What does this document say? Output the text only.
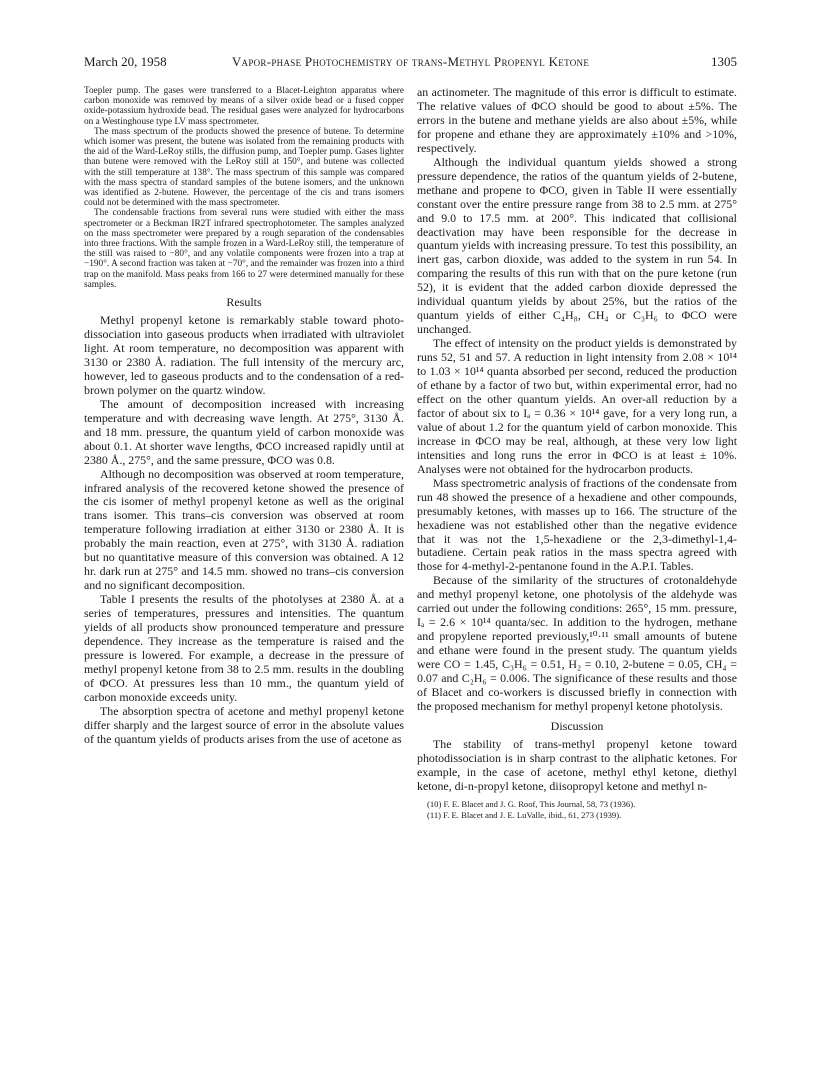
March 20, 1958	Vapor-phase Photochemistry of trans-Methyl Propenyl Ketone	1305

Toepler pump. The gases were transferred to a Blacet-Leighton apparatus where carbon monoxide was removed by means of a silver oxide bead or a fused copper oxide-potassium hydroxide bead. The residual gases were analyzed for hydrocarbons on a Westinghouse type LV mass spectrometer.

The mass spectrum of the products showed the presence of butene. To determine which isomer was present, the butene was isolated from the remaining products with the aid of the Ward-LeRoy stills, the diffusion pump, and Toepler pump. Gases lighter than butene were removed with the LeRoy still at 150°, and butene was collected with the still temperature at 138°. The mass spectrum of this sample was compared with the mass spectra of standard samples of the butene isomers, and the unknown was identified as 2-butene. However, the percentage of the cis and trans isomers could not be determined with the mass spectrometer.

The condensable fractions from several runs were studied with either the mass spectrometer or a Beckman IR2T infrared spectrophotometer. The samples analyzed on the mass spectrometer were prepared by a rough separation of the condensables into three fractions. With the sample frozen in a Ward-LeRoy still, the temperature of the still was raised to −80°, and any volatile components were frozen into a trap at −190°. A second fraction was taken at −70°, and the remainder was frozen into a third trap on the manifold. Mass peaks from 166 to 27 were determined manually for these samples.

Results

Methyl propenyl ketone is remarkably stable toward photo-dissociation into gaseous products when irradiated with ultraviolet light. At room temperature, no decomposition was apparent with 3130 or 2380 Å. radiation. The full intensity of the mercury arc, however, led to gaseous products and to the condensation of a red-brown polymer on the quartz window.

The amount of decomposition increased with increasing temperature and with decreasing wave length. At 275°, 3130 Å. and 18 mm. pressure, the quantum yield of carbon monoxide was about 0.1. At shorter wave lengths, ΦCO increased rapidly until at 2380 Å., 275°, and the same pressure, ΦCO was 0.8.

Although no decomposition was observed at room temperature, infrared analysis of the recovered ketone showed the presence of the cis isomer of methyl propenyl ketone as well as the original trans isomer. This trans–cis conversion was observed at room temperature following irradiation at either 3130 or 2380 Å. It is probably the main reaction, even at 275°, with 3130 Å. radiation but no quantitative measure of this conversion was obtained. A 12 hr. dark run at 275° and 14.5 mm. showed no trans–cis conversion and no significant decomposition.

Table I presents the results of the photolyses at 2380 Å. at a series of temperatures, pressures and intensities. The quantum yields of all products show pronounced temperature and pressure dependence. They increase as the temperature is raised and the pressure is lowered. For example, a decrease in the pressure of methyl propenyl ketone from 38 to 2.5 mm. results in the doubling of ΦCO. At pressures less than 10 mm., the quantum yield of carbon monoxide exceeds unity.

The absorption spectra of acetone and methyl propenyl ketone differ sharply and the largest source of error in the absolute values of the quantum yields of products arises from the use of acetone as

an actinometer. The magnitude of this error is difficult to estimate. The relative values of ΦCO should be good to about ±5%. The errors in the butene and methane yields are also about ±5%, while for propene and ethane they are approximately ±10% and >10%, respectively.

Although the individual quantum yields showed a strong pressure dependence, the ratios of the quantum yields of 2-butene, methane and propene to ΦCO, given in Table II were essentially constant over the entire pressure range from 38 to 2.5 mm. at 275° and 9.0 to 17.5 mm. at 200°. This indicated that collisional deactivation may have been responsible for the decrease in quantum yields with increasing pressure. To test this possibility, an inert gas, carbon dioxide, was added to the system in run 54. In comparing the results of this run with that on the pure ketone (run 52), it is evident that the added carbon dioxide depressed the individual quantum yields by about 25%, but the ratios of the quantum yields of either C₄H₈, CH₄ or C₃H₆ to ΦCO were unchanged.

The effect of intensity on the product yields is demonstrated by runs 52, 51 and 57. A reduction in light intensity from 2.08 × 10¹⁴ to 1.03 × 10¹⁴ quanta absorbed per second, reduced the production of ethane by a factor of two but, within experimental error, had no effect on the other quantum yields. An over-all reduction by a factor of about six to Iₐ = 0.36 × 10¹⁴ gave, for a very long run, a value of about 1.2 for the quantum yield of carbon monoxide. This increase in ΦCO may be real, although, at these very low light intensities and long runs the error in ΦCO is at least ± 10%. Analyses were not obtained for the hydrocarbon products.

Mass spectrometric analysis of fractions of the condensate from run 48 showed the presence of a hexadiene and other compounds, presumably ketones, with masses up to 166. The structure of the hexadiene was not established other than the negative evidence that it was not the 1,5-hexadiene or the 2,3-dimethyl-1,4-butadiene. Certain peak ratios in the mass spectra agreed with those for 4-methyl-2-pentanone found in the A.P.I. Tables.

Because of the similarity of the structures of crotonaldehyde and methyl propenyl ketone, one photolysis of the aldehyde was carried out under the following conditions: 265°, 15 mm. pressure, Iₐ = 2.6 × 10¹⁴ quanta/sec. In addition to the hydrogen, methane and propylene reported previously,¹⁰·¹¹ small amounts of butene and ethane were found in the present study. The quantum yields were CO = 1.45, C₃H₆ = 0.51, H₂ = 0.10, 2-butene = 0.05, CH₄ = 0.07 and C₂H₆ = 0.006. The significance of these results and those of Blacet and co-workers is discussed briefly in connection with the proposed mechanism for methyl propenyl ketone photolysis.

Discussion

The stability of trans-methyl propenyl ketone toward photodissociation is in sharp contrast to the aliphatic ketones. For example, in the case of acetone, methyl ethyl ketone, diethyl ketone, di-n-propyl ketone, diisopropyl ketone and methyl n-

(10) F. E. Blacet and J. G. Roof, This Journal, 58, 73 (1936).

(11) F. E. Blacet and J. E. LuValle, ibid., 61, 273 (1939).
